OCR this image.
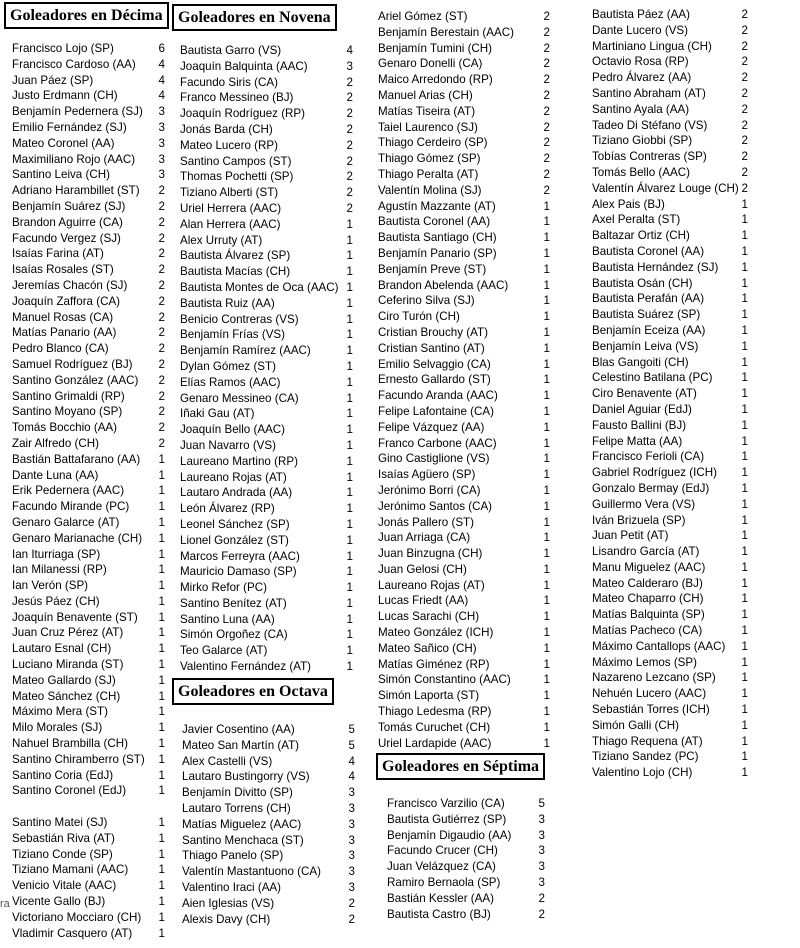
Goleadores en Décima Goleadores en Novena
Goleadores en Octava
Goleadores en Séptima
Francisco Lojo (SP)	6
Francisco Cardoso (AA)	4
Juan Páez (SP)	4
Justo Erdmann (CH)	4
Benjamín Pedernera (SJ)	3
Emilio Fernández (SJ)	3
Mateo Coronel (AA)	3
Maximiliano Rojo (AAC)	3
Santino Leiva (CH)	3
Adriano Harambillet (ST)	2
Benjamín Suárez (SJ)	2
Brandon Aguirre (CA)	2
Facundo Vergez (SJ)	2
Isaías Farina (AT)	2
Isaías Rosales (ST)	2
Jeremías Chacón (SJ)	2
Joaquín Zaffora (CA)	2
Manuel Rosas (CA)	2
Matías Panario (AA)	2
Pedro Blanco (CA)	2
Samuel Rodríguez (BJ)	2
Santino González (AAC)	2
Santino Grimaldi (RP)	2
Santino Moyano (SP)	2
Tomás Bocchio (AA)	2
Zair Alfredo (CH)	2
Bastián Battafarano (AA)	1
Dante Luna (AA)	1
Erik Pedernera (AAC)	1
Facundo Mirande (PC)	1
Genaro Galarce (AT)	1
Genaro Marianache (CH)	1
Ian Iturriaga (SP)	1
Ian Milanessi (RP)	1
Ian Verón (SP)	1
Jesús Páez (CH)	1
Joaquín Benavente (ST)	1
Juan Cruz Pérez (AT)	1
Lautaro Esnal (CH)	1
Luciano Miranda (ST)	1
Mateo Gallardo (SJ)	1
Mateo Sánchez (CH)	1
Máximo Mera (ST)	1
Milo Morales (SJ)	1
Nahuel Brambilla (CH)	1
Santino Chiramberro (ST)	1
Santino Coria (EdJ)	1
Santino Coronel (EdJ)	1
Santino Matei (SJ)	1
Sebastián Riva (AT)	1
Tiziano Conde (SP)	1
Tiziano Mamani (AAC)	1
Venicio Vitale (AAC)	1
Vicente Gallo (BJ)	1
Victoriano Mocciaro (CH)	1
Vladimir Casquero (AT)	1
Bautista Garro (VS)	4
Joaquín Balquinta (AAC)	3
Facundo Siris (CA)	2
Franco Messineo (BJ)	2
Joaquín Rodríguez (RP)	2
Jonás Barda (CH)	2
Mateo Lucero (RP)	2
Santino Campos (ST)	2
Thomas Pochetti (SP)	2
Tiziano Alberti (ST)	2
Uriel Herrera (AAC)	2
Alan Herrera (AAC)	1
Alex Urruty (AT)	1
Bautista Álvarez (SP)	1
Bautista Macías (CH)	1
Bautista Montes de Oca (AAC) 1
Bautista Ruiz (AA)	1
Benicio Contreras (VS)	1
Benjamín Frías (VS)	1
Benjamín Ramírez (AAC)	1
Dylan Gómez (ST)	1
Elías Ramos (AAC)	1
Genaro Messineo (CA)	1
Iñaki Gau (AT)	1
Joaquín Bello (AAC)	1
Juan Navarro (VS)	1
Laureano Martino (RP)	1
Laureano Rojas (AT)	1
Lautaro Andrada (AA)	1
León Álvarez (RP)	1
Leonel Sánchez (SP)	1
Lionel González (ST)	1
Marcos Ferreyra (AAC)	1
Mauricio Damaso (SP)	1
Mirko Refor (PC)	1
Santino Benítez (AT)	1
Santino Luna (AA)	1
Simón Orgoñez (CA)	1
Teo Galarce (AT)	1
Valentino Fernández (AT)	1
Javier Cosentino (AA)	5
Mateo San Martín (AT)	5
Alex Castelli (VS)	4
Lautaro Bustingorry (VS)	4
Benjamín Divitto (SP)	3
Lautaro Torrens (CH)	3
Matías Miguelez (AAC)	3
Santino Menchaca (ST)	3
Thiago Panelo (SP)	3
Valentín Mastantuono (CA)	3
Valentino Iraci (AA)	3
Aien Iglesias (VS)	2
Alexis Davy (CH)	2
Ariel Gómez (ST)	2
Benjamín Berestain (AAC)	2
Benjamín Tumini (CH)	2
Genaro Donelli (CA)	2
Maico Arredondo (RP)	2
Manuel Arias (CH)	2
Matías Tiseira (AT)	2
Taiel Laurenco (SJ)	2
Thiago Cerdeiro (SP)	2
Thiago Gómez (SP)	2
Thiago Peralta (AT)	2
Valentín Molina (SJ)	2
Agustín Mazzante (AT)	1
Bautista Coronel (AA)	1
Bautista Santiago (CH)	1
Benjamín Panario (SP)	1
Benjamín Preve (ST)	1
Brandon Abelenda (AAC)	1
Ceferino Silva (SJ)	1
Ciro Turón (CH)	1
Cristian Brouchy (AT)	1
Cristian Santino (AT)	1
Emilio Selvaggio (CA)	1
Ernesto Gallardo (ST)	1
Facundo Aranda (AAC)	1
Felipe Lafontaine (CA)	1
Felipe Vázquez (AA)	1
Franco Carbone (AAC)	1
Gino Castiglione (VS)	1
Isaías Agüero (SP)	1
Jerónimo Borri (CA)	1
Jerónimo Santos (CA)	1
Jonás Pallero (ST)	1
Juan Arriaga (CA)	1
Juan Binzugna (CH)	1
Juan Gelosi (CH)	1
Laureano Rojas (AT)	1
Lucas Friedt (AA)	1
Lucas Sarachi (CH)	1
Mateo González (ICH)	1
Mateo Sañico (CH)	1
Matías Giménez (RP)	1
Simón Constantino (AAC)	1
Simón Laporta (ST)	1
Thiago Ledesma (RP)	1
Tomás Curuchet (CH)	1
Uriel Lardapide (AAC)	1
Francisco Varzilio (CA)	5
Bautista Gutiérrez (SP)	3
Benjamín Digaudio (AA)	3
Facundo Crucer (CH)	3
Juan Velázquez (CA)	3
Ramiro Bernaola (SP)	3
Bastián Kessler (AA)	2
Bautista Castro (BJ)	2
Bautista Páez (AA)	2
Dante Lucero (VS)	2
Martiniano Lingua (CH)	2
Octavio Rosa (RP)	2
Pedro Álvarez (AA)	2
Santino Abraham (AT)	2
Santino Ayala (AA)	2
Tadeo Di Stéfano (VS)	2
Tiziano Giobbi (SP)	2
Tobías Contreras (SP)	2
Tomás Bello (AAC)	2
Valentín Álvarez Louge (CH) 2
Alex Pais (BJ)	1
Axel Peralta (ST)	1
Baltazar Ortiz (CH)	1
Bautista Coronel (AA)	1
Bautista Hernández (SJ)	1
Bautista Osán (CH)	1
Bautista Perafán (AA)	1
Bautista Suárez (SP)	1
Benjamín Eceiza (AA)	1
Benjamín Leiva (VS)	1
Blas Gangoiti (CH)	1
Celestino Batilana (PC)	1
Ciro Benavente (AT)	1
Daniel Aguiar (EdJ)	1
Fausto Ballini (BJ)	1
Felipe Matta (AA)	1
Francisco Ferioli (CA)	1
Gabriel Rodríguez (ICH)	1
Gonzalo Bermay (EdJ)	1
Guillermo Vera (VS)	1
Iván Brizuela (SP)	1
Juan Petit (AT)	1
Lisandro García (AT)	1
Manu Miguelez (AAC)	1
Mateo Calderaro (BJ)	1
Mateo Chaparro (CH)	1
Matías Balquinta (SP)	1
Matías Pacheco (CA)	1
Máximo Cantallops (AAC)	1
Máximo Lemos (SP)	1
Nazareno Lezcano (SP)	1
Nehuén Lucero (AAC)	1
Sebastián Torres (ICH)	1
Simón Galli (CH)	1
Thiago Requena (AT)	1
Tiziano Sandez (PC)	1
Valentino Lojo (CH)	1
ra
